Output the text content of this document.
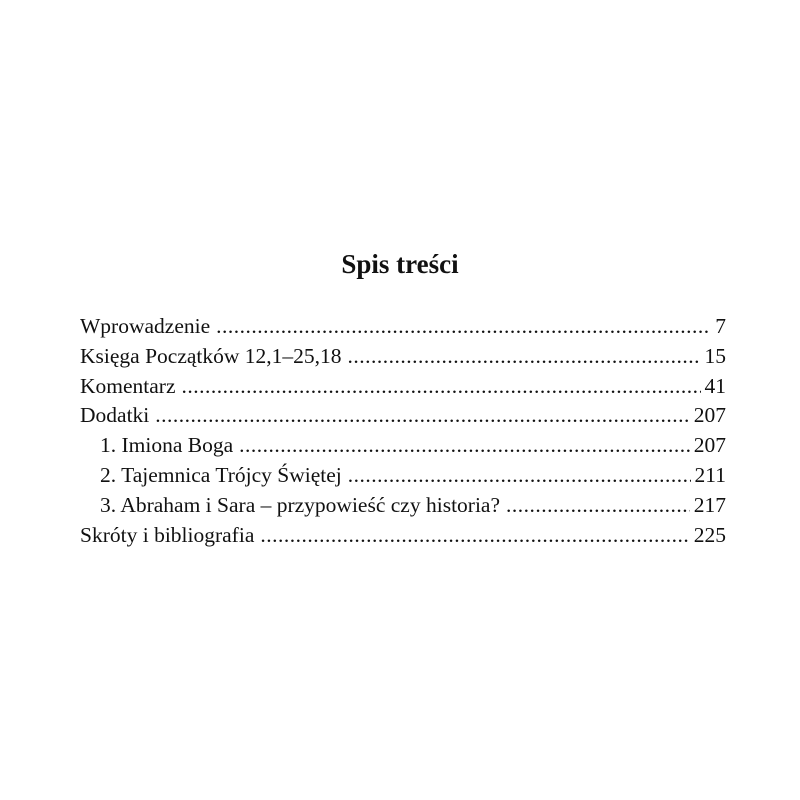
Spis treści
Wprowadzenie .....	7
Księga Początków 12,1–25,18 .....	15
Komentarz .....	41
Dodatki .....	207
1. Imiona Boga .....	207
2. Tajemnica Trójcy Świętej .....	211
3. Abraham i Sara – przypowieść czy historia? .....	217
Skróty i bibliografia .....	225
